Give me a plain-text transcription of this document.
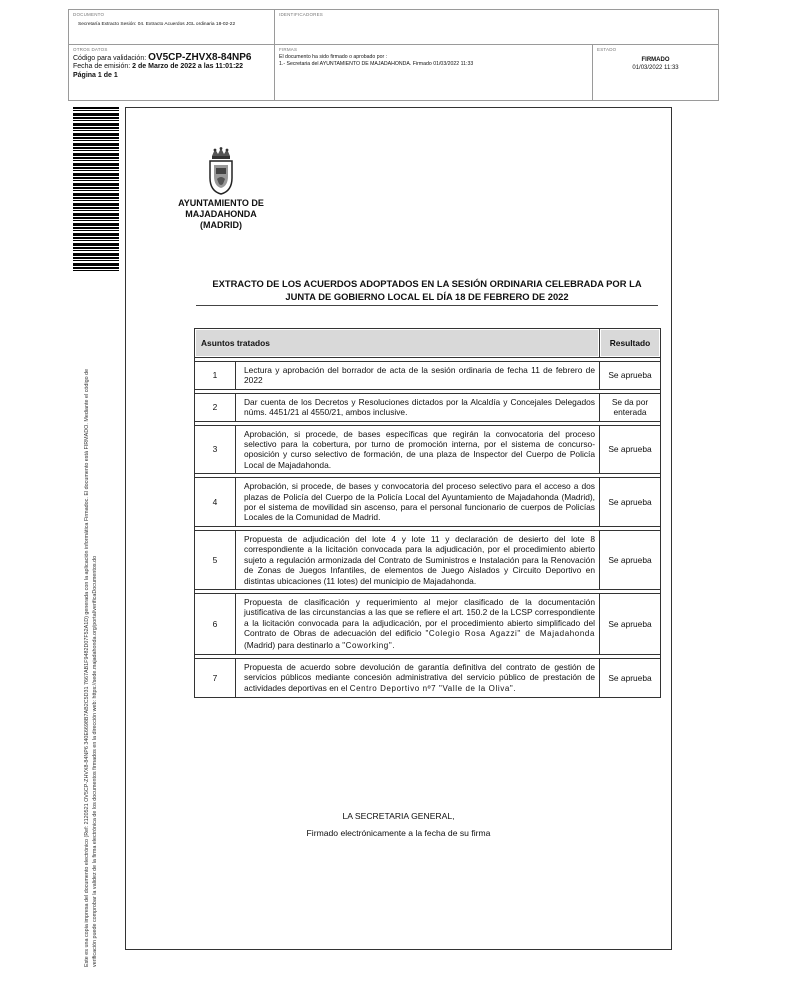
DOCUMENTO
Secretaría Extracto Sesión: 04. Extracto Acuerdos JGL ordinaria 18-02-22
IDENTIFICADORES
OTROS DATOS
Código para validación: OV5CP-ZHVX8-84NP6
Fecha de emisión: 2 de Marzo de 2022 a las 11:01:22
Página 1 de 1
FIRMAS
El documento ha sido firmado o aprobado por :
1.- Secretaria del AYUNTAMIENTO DE MAJADAHONDA. Firmado 01/03/2022 11:33
ESTADO
FIRMADO
01/03/2022 11:33
Este es una copia impresa del documento electrónico (Ref: 2120521 OV5CP-ZHVX8-84NP6 340E6698B7AB2C5D31 7667AB1F9482D07F52A1D) generada con la aplicación informática Firmadoc. El documento está FIRMADO. Mediante el código de verificación puede comprobar la validez de la firma electrónica de los documentos firmados en la dirección web: https://sede.majadahonda.org/portal/verificaDocumentos.do
AYUNTAMIENTO DE
MAJADAHONDA
(MADRID)
EXTRACTO DE LOS ACUERDOS ADOPTADOS EN LA SESIÓN ORDINARIA CELEBRADA POR LA
JUNTA DE GOBIERNO LOCAL EL DÍA 18 DE FEBRERO DE 2022
Asuntos tratados		Resultado

1	Lectura y aprobación del borrador de acta de la sesión ordinaria de fecha 11 de febrero de 2022	Se aprueba

2	Dar cuenta de los Decretos y Resoluciones dictados por la Alcaldía y Concejales Delegados núms. 4451/21 al 4550/21, ambos inclusive.	Se da por enterada

3	Aprobación, si procede, de bases específicas que regirán la convocatoria del proceso selectivo para la cobertura, por turno de promoción interna, por el sistema de concurso-oposición y curso selectivo de formación, de una plaza de Inspector del Cuerpo de Policía Local de Majadahonda.	Se aprueba

4	Aprobación, si procede, de bases y convocatoria del proceso selectivo para el acceso a dos plazas de Policía del Cuerpo de la Policía Local del Ayuntamiento de Majadahonda (Madrid), por el sistema de movilidad sin ascenso, para el personal funcionario de cuerpos de Policías Locales de la Comunidad de Madrid.	Se aprueba

5	Propuesta de adjudicación del lote 4 y lote 11 y declaración de desierto del lote 8 correspondiente a la licitación convocada para la adjudicación, por el procedimiento abierto sujeto a regulación armonizada del Contrato de Suministros e Instalación para la Renovación de Zonas de Juegos Infantiles, de elementos de Juego Aislados y Circuito Deportivo en distintas ubicaciones (11 lotes) del municipio de Majadahonda.	Se aprueba

6	Propuesta de clasificación y requerimiento al mejor clasificado de la documentación justificativa de las circunstancias a las que se refiere el art. 150.2 de la LCSP correspondiente a la licitación convocada para la adjudicación, por el procedimiento abierto simplificado del Contrato de Obras de adecuación del edificio "Colegio Rosa Agazzi" de Majadahonda (Madrid) para destinarlo a "Coworking".	Se aprueba

7	Propuesta de acuerdo sobre devolución de garantía definitiva del contrato de gestión de servicios públicos mediante concesión administrativa del servicio público de prestación de actividades deportivas en el Centro Deportivo nº7 "Valle de la Oliva".	Se aprueba
LA SECRETARIA GENERAL,
Firmado electrónicamente a la fecha de su firma
